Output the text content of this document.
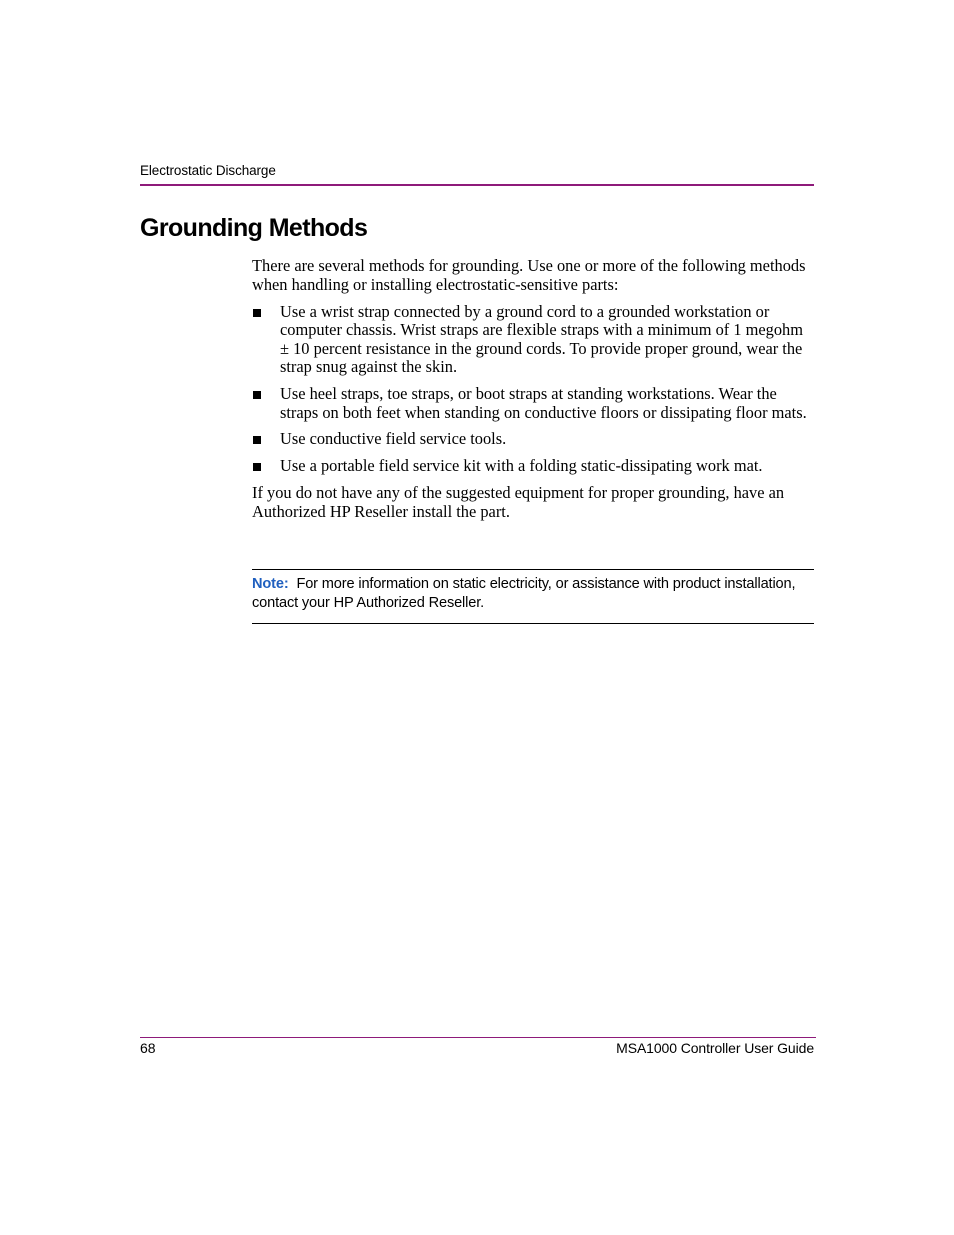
Electrostatic Discharge
Grounding Methods

There are several methods for grounding. Use one or more of the following methods when handling or installing electrostatic-sensitive parts:

Use a wrist strap connected by a ground cord to a grounded workstation or computer chassis. Wrist straps are flexible straps with a minimum of 1 megohm ± 10 percent resistance in the ground cords. To provide proper ground, wear the strap snug against the skin.
Use heel straps, toe straps, or boot straps at standing workstations. Wear the straps on both feet when standing on conductive floors or dissipating floor mats.
Use conductive field service tools.
Use a portable field service kit with a folding static-dissipating work mat.

If you do not have any of the suggested equipment for proper grounding, have an Authorized HP Reseller install the part.

Note: For more information on static electricity, or assistance with product installation, contact your HP Authorized Reseller.
68	MSA1000 Controller User Guide
